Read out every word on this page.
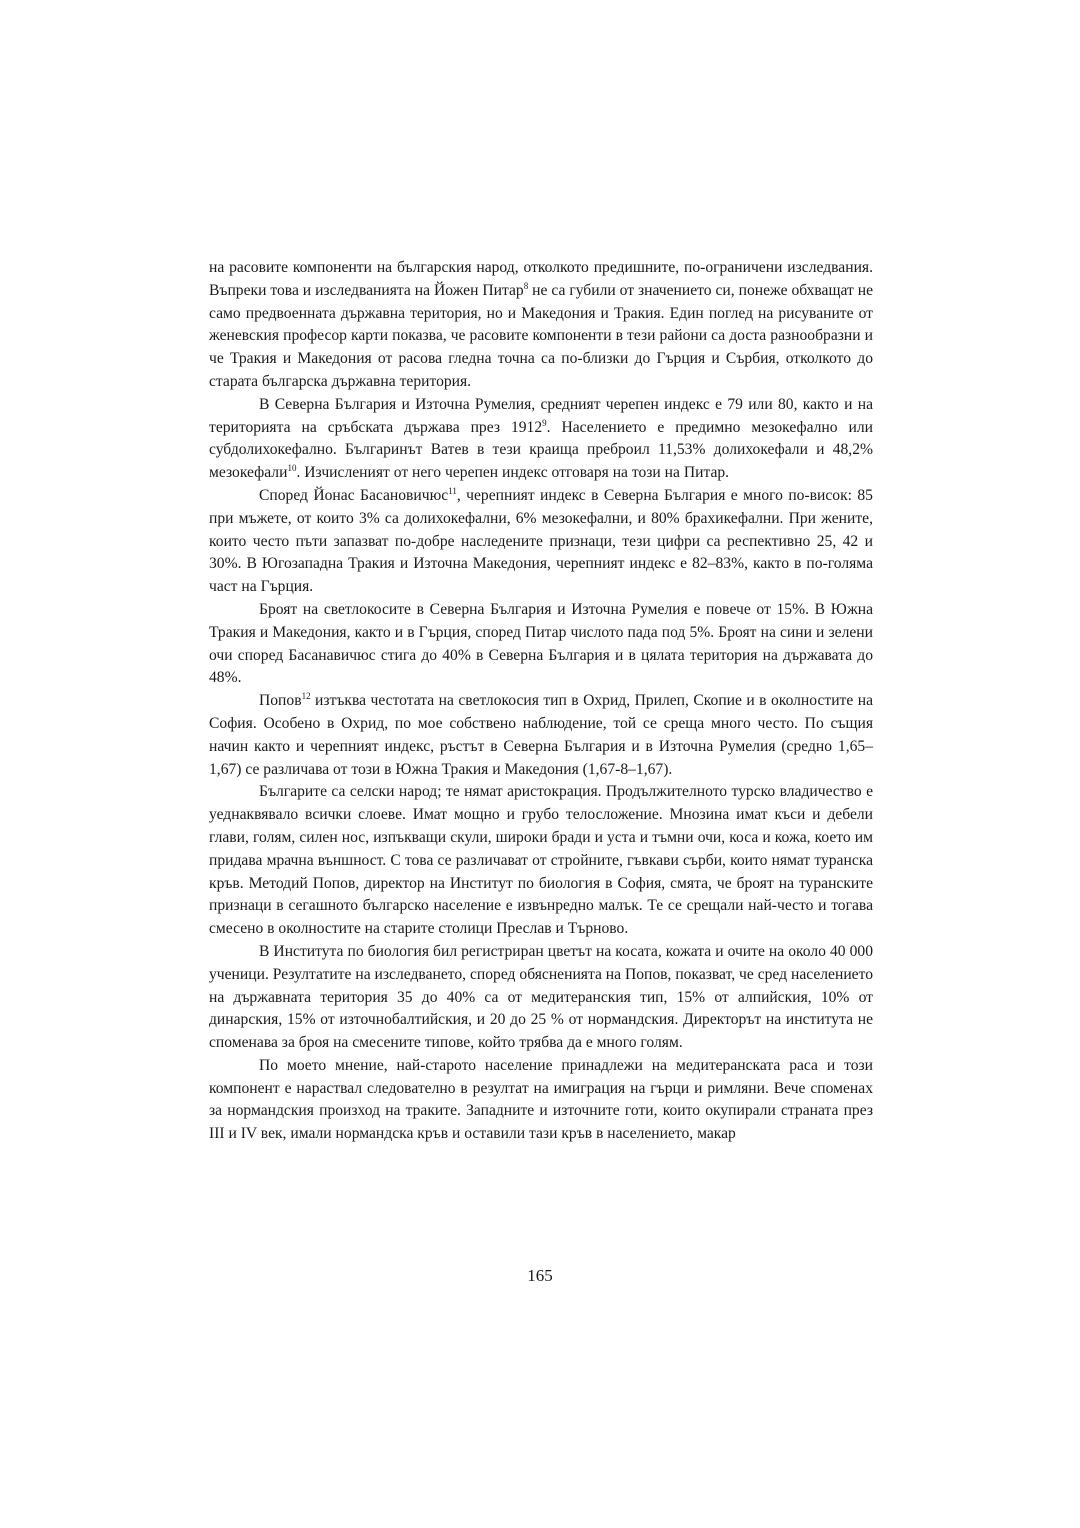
на расовите компоненти на българския народ, отколкото предишните, по-ограничени изследвания. Въпреки това и изследванията на Йожен Питар$^8$ не са губили от значението си, понеже обхващат не само предвоенната държавна територия, но и Македония и Тракия. Един поглед на рисуваните от женевския професор карти показва, че расовите компоненти в тези райони са доста разнообразни и че Тракия и Македония от расова гледна точна са по-близки до Гърция и Сърбия, отколкото до старата българска държавна територия.

В Северна България и Източна Румелия, средният черепен индекс е 79 или 80, както и на територията на сръбската държава през 1912$^9$. Населението е предимно мезокефално или субдолихокефално. Българинът Ватев в тези краища преброил 11,53% долихокефали и 48,2% мезокефали$^{10}$. Изчисленият от него черепен индекс отговаря на този на Питар.

Според Йонас Басановичюс$^{11}$, черепният индекс в Северна България е много по-висок: 85 при мъжете, от които 3% са долихокефални, 6% мезокефални, и 80% брахикефални. При жените, които често пъти запазват по-добре наследените признаци, тези цифри са респективно 25, 42 и 30%. В Югозападна Тракия и Източна Македония, черепният индекс е 82–83%, както в по-голяма част на Гърция.

Броят на светлокосите в Северна България и Източна Румелия е повече от 15%. В Южна Тракия и Македония, както и в Гърция, според Питар числото пада под 5%. Броят на сини и зелени очи според Басанавичюс стига до 40% в Северна България и в цялата територия на държавата до 48%.

Попов$^{12}$ изтъква честотата на светлокосия тип в Охрид, Прилеп, Скопие и в околностите на София. Особено в Охрид, по мое собствено наблюдение, той се среща много често. По същия начин както и черепният индекс, ръстът в Северна България и в Източна Румелия (средно 1,65–1,67) се различава от този в Южна Тракия и Македония (1,67-8–1,67).

Българите са селски народ; те нямат аристокрация. Продължителното турско владичество е уеднаквявало всички слоеве. Имат мощно и грубо телосложение. Мнозина имат къси и дебели глави, голям, силен нос, изпъкващи скули, широки бради и уста и тъмни очи, коса и кожа, което им придава мрачна външност. С това се различават от стройните, гъвкави сърби, които нямат туранска кръв. Методий Попов, директор на Институт по биология в София, смята, че броят на туранските признаци в сегашното българско население е извънредно малък. Те се срещали най-често и тогава смесено в околностите на старите столици Преслав и Търново.

В Института по биология бил регистриран цветът на косата, кожата и очите на около 40 000 ученици. Резултатите на изследването, според обясненията на Попов, показват, че сред населението на държавната територия 35 до 40% са от медитеранския тип, 15% от алпийския, 10% от динарския, 15% от източнобалтийския, и 20 до 25 % от нормандския. Директорът на института не споменава за броя на смесените типове, който трябва да е много голям.

По моето мнение, най-старото население принадлежи на медитеранската раса и този компонент е нараствал следователно в резултат на имиграция на гърци и римляни. Вече споменах за нормандския произход на траките. Западните и източните готи, които окупирали страната през III и IV век, имали нормандска кръв и оставили тази кръв в населението, макар

165
